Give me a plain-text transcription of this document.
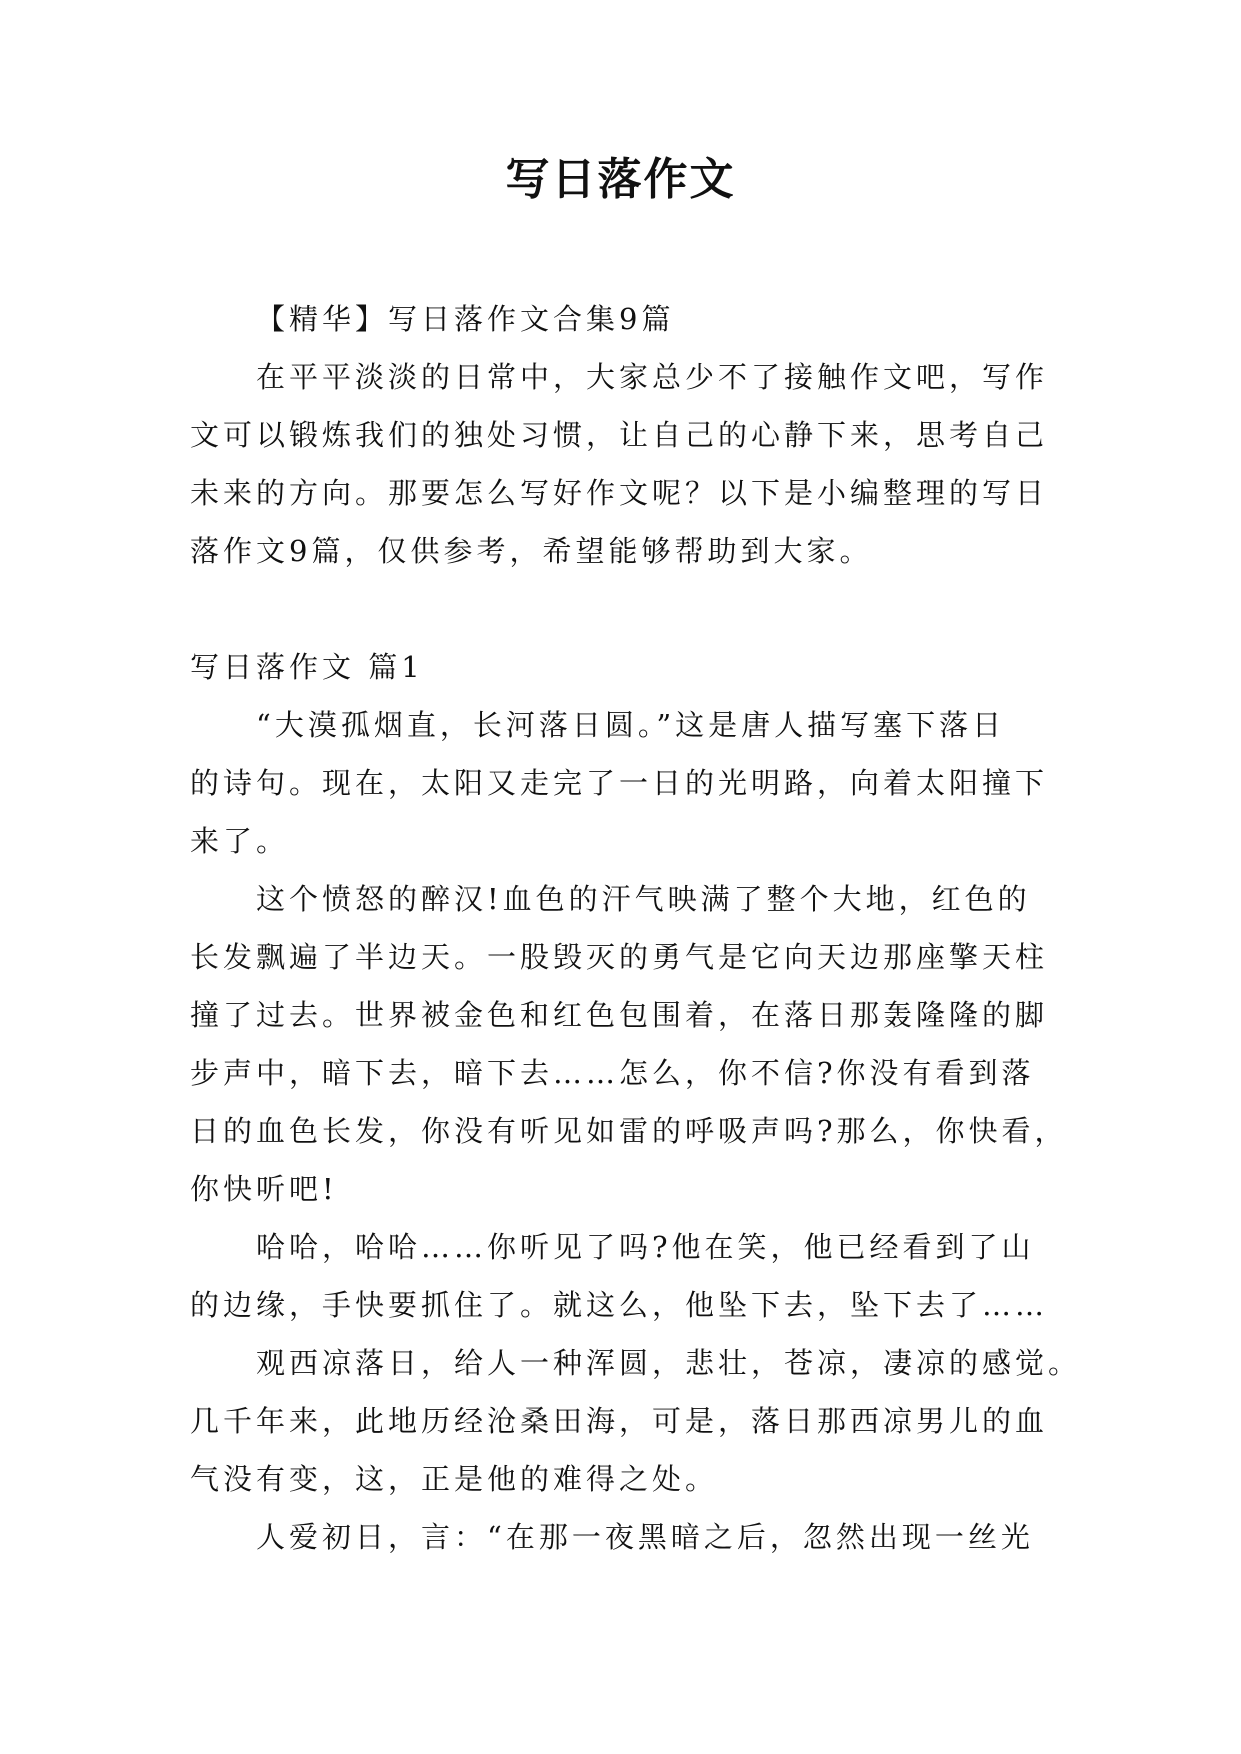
写日落作文
【精华】写日落作文合集9篇
在平平淡淡的日常中，大家总少不了接触作文吧，写作
文可以锻炼我们的独处习惯，让自己的心静下来，思考自己
未来的方向。那要怎么写好作文呢？以下是小编整理的写日
落作文9篇，仅供参考，希望能够帮助到大家。
写日落作文 篇1
“大漠孤烟直，长河落日圆。”这是唐人描写塞下落日
的诗句。现在，太阳又走完了一日的光明路，向着太阳撞下
来了。
这个愤怒的醉汉!血色的汗气映满了整个大地，红色的
长发飘遍了半边天。一股毁灭的勇气是它向天边那座擎天柱
撞了过去。世界被金色和红色包围着，在落日那轰隆隆的脚
步声中，暗下去，暗下去……怎么，你不信?你没有看到落
日的血色长发，你没有听见如雷的呼吸声吗?那么，你快看，
你快听吧!
哈哈，哈哈……你听见了吗?他在笑，他已经看到了山
的边缘，手快要抓住了。就这么，他坠下去，坠下去了……
观西凉落日，给人一种浑圆，悲壮，苍凉，凄凉的感觉。
几千年来，此地历经沧桑田海，可是，落日那西凉男儿的血
气没有变，这，正是他的难得之处。
人爱初日，言：“在那一夜黑暗之后，忽然出现一丝光
